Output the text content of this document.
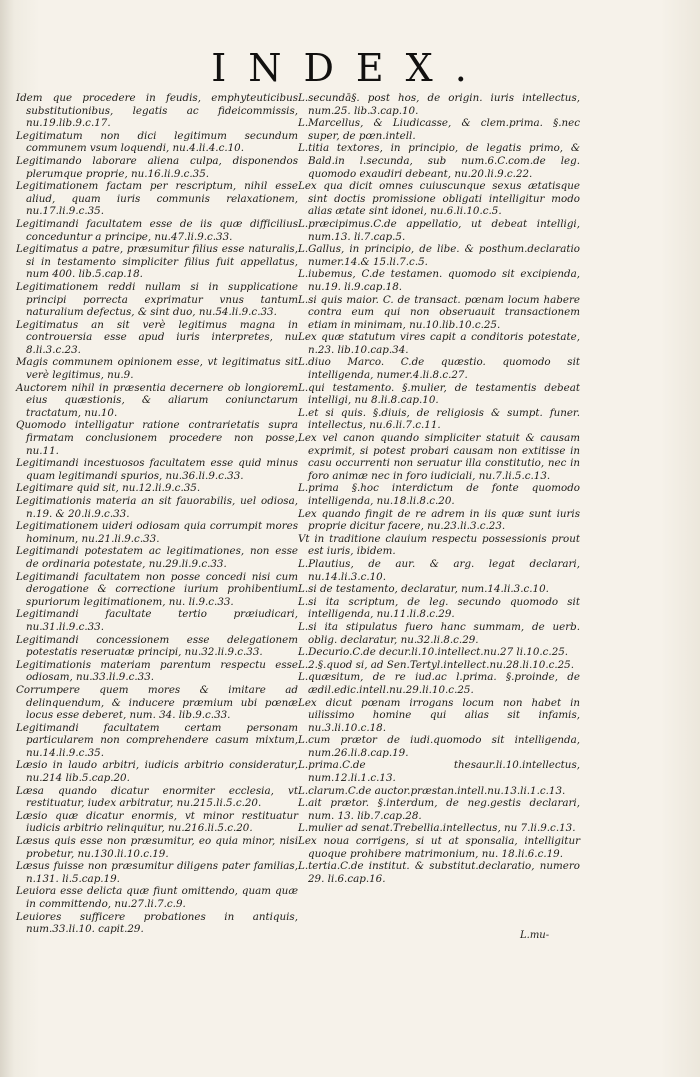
INDEX.
Idem que procedere in feudis, emphyteuticibus substitutionibus, legatis ac fideicommissis, nu.19.lib.9.c.17.
Legitimatum non dici legitimum secundum communem vsum loquendi, nu.4.li.4.c.10.
Legitimando laborare aliena culpa, disponendos plerumque proprie, nu.16.li.9.c.35.
Legitimationem factam per rescriptum, nihil esse aliud, quam iuris communis relaxationem, nu.17.li.9.c.35.
Legitimandi facultatem esse de iis quæ difficilius conceduntur a principe, nu.47.li.9.c.33.
Legitimatus a patre, præsumitur filius esse naturalis, si in testamento simpliciter filius fuit appellatus, num 400. lib.5.cap.18.
Legitimationem reddi nullam si in supplicatione principi porrecta exprimatur vnus tantum naturalium defectus, & sint duo, nu.54.li.9.c.33.
Legitimatus an sit verè legitimus magna in controuersia esse apud iuris interpretes, nu 8.li.3.c.23.
Magis communem opinionem esse, vt legitimatus sit verè legitimus, nu.9.
Auctorem nihil in præsentia decernere ob longiorem eius quæstionis, & aliarum coniunctarum tractatum, nu.10.
Quomodo intelligatur ratione contrarietatis supra firmatam conclusionem procedere non posse, nu.11.
Legitimandi incestuosos facultatem esse quid minus quam legitimandi spurios, nu.36.li.9.c.33.
Legitimare quid sit, nu.12.li.9.c.35.
Legitimationis materia an sit fauorabilis, uel odiosa, n.19. & 20.li.9.c.33.
Legitimationem uideri odiosam quia corrumpit mores hominum, nu.21.li.9.c.33.
Legitimandi potestatem ac legitimationes, non esse de ordinaria potestate, nu.29.li.9.c.33.
Legitimandi facultatem non posse concedi nisi cum derogatione & correctione iurium prohibentium spuriorum legitimationem, nu. li.9.c.33.
Legitimandi facultate tertio præiudicari, nu.31.li.9.c.33.
Legitimandi concessionem esse delegationem potestatis reseruatæ principi, nu.32.li.9.c.33.
Legitimationis materiam parentum respectu esse odiosam, nu.33.li.9.c.33.
Corrumpere quem mores & imitare ad delinquendum, & inducere præmium ubi pœnæ locus esse deberet, num. 34. lib.9.c.33.
Legitimandi facultatem certam personam particularem non comprehendere casum mixtum, nu.14.li.9.c.35.
Læsio in laudo arbitri, iudicis arbitrio consideratur, nu.214 lib.5.cap.20.
Læsa quando dicatur enormiter ecclesia, vt restituatur, iudex arbitratur, nu.215.li.5.c.20.
Læsio quæ dicatur enormis, vt minor restituatur iudicis arbitrio relinquitur, nu.216.li.5.c.20.
Læsus quis esse non præsumitur, eo quia minor, nisi probetur, nu.130.li.10.c.19.
Læsus fuisse non præsumitur diligens pater familias, n.131. li.5.cap.19.
Leuiora esse delicta quæ fiunt omittendo, quam quæ in committendo, nu.27.li.7.c.9.
Leuiores sufficere probationes in antiquis, num.33.li.10. capit.29.
L.secundā§. post hos, de origin. iuris intellectus, num.25. lib.3.cap.10.
L.Marcellus, & Liudicasse, & clem.prima. §.nec super, de pœn.intell.
L.titia textores, in principio, de legatis primo, & Bald.in l.secunda, sub num.6.C.com.de leg. quomodo exaudiri debeant, nu.20.li.9.c.22.
Lex qua dicit omnes cuiuscunque sexus ætatisque sint doctis promissione obligati intelligitur modo alias ætate sint idonei, nu.6.li.10.c.5.
L.præcipimus.C.de appellatio, ut debeat intelligi, num.13. li.7.cap.5.
L.Gallus, in principio, de libe. & posthum.declaratio numer.14.& 15.li.7.c.5.
L.iubemus, C.de testamen. quomodo sit excipienda, nu.19. li.9.cap.18.
L.si quis maior. C. de transact. pœnam locum habere contra eum qui non obseruauit transactionem etiam in minimam, nu.10.lib.10.c.25.
Lex quæ statutum vires capit a conditoris potestate, n.23. lib.10.cap.34.
L.diuo Marco. C.de quæstio. quomodo sit intelligenda, numer.4.li.8.c.27.
L.qui testamento. §.mulier, de testamentis debeat intelligi, nu 8.li.8.cap.10.
L.et si quis. §.diuis, de religiosis & sumpt. funer. intellectus, nu.6.li.7.c.11.
Lex vel canon quando simpliciter statuit & causam exprimit, si potest probari causam non extitisse in casu occurrenti non seruatur illa constitutio, nec in foro animæ nec in foro iudiciali, nu.7.li.5.c.13.
L.prima §.hoc interdictum de fonte quomodo intelligenda, nu.18.li.8.c.20.
Lex quando fingit de re adrem in iis quæ sunt iuris proprie dicitur facere, nu.23.li.3.c.23.
Vt in traditione clauium respectu possessionis prout est iuris, ibidem.
L.Plautius, de aur. & arg. legat declarari, nu.14.li.3.c.10.
L.si de testamento, declaratur, num.14.li.3.c.10.
L.si ita scriptum, de leg. secundo quomodo sit intelligenda, nu.11.li.8.c.29.
L.si ita stipulatus fuero hanc summam, de uerb. oblig. declaratur, nu.32.li.8.c.29.
L.Decurio.C.de decur.li.10.intellect.nu.27 li.10.c.25.
L.2.§.quod si, ad Sen.Tertyl.intellect.nu.28.li.10.c.25.
L.quæsitum, de re iud.ac l.prima. §.proinde, de ædil.edic.intell.nu.29.li.10.c.25.
Lex dicut pœnam irrogans locum non habet in uilissimo homine qui alias sit infamis, nu.3.li.10.c.18.
L.cum prætor de iudi.quomodo sit intelligenda, num.26.li.8.cap.19.
L.prima.C.de thesaur.li.10.intellectus, num.12.li.1.c.13.
L.clarum.C.de auctor.præstan.intell.nu.13.li.1.c.13.
L.ait prætor. §.interdum, de neg.gestis declarari, num. 13. lib.7.cap.28.
L.mulier ad senat.Trebellia.intellectus, nu 7.li.9.c.13.
Lex noua corrigens, si ut at sponsalia, intelligitur quoque prohibere matrimonium, nu. 18.li.6.c.19.
L.tertia.C.de institut. & substitut.declaratio, numero 29. li.6.cap.16.
L.mu-
